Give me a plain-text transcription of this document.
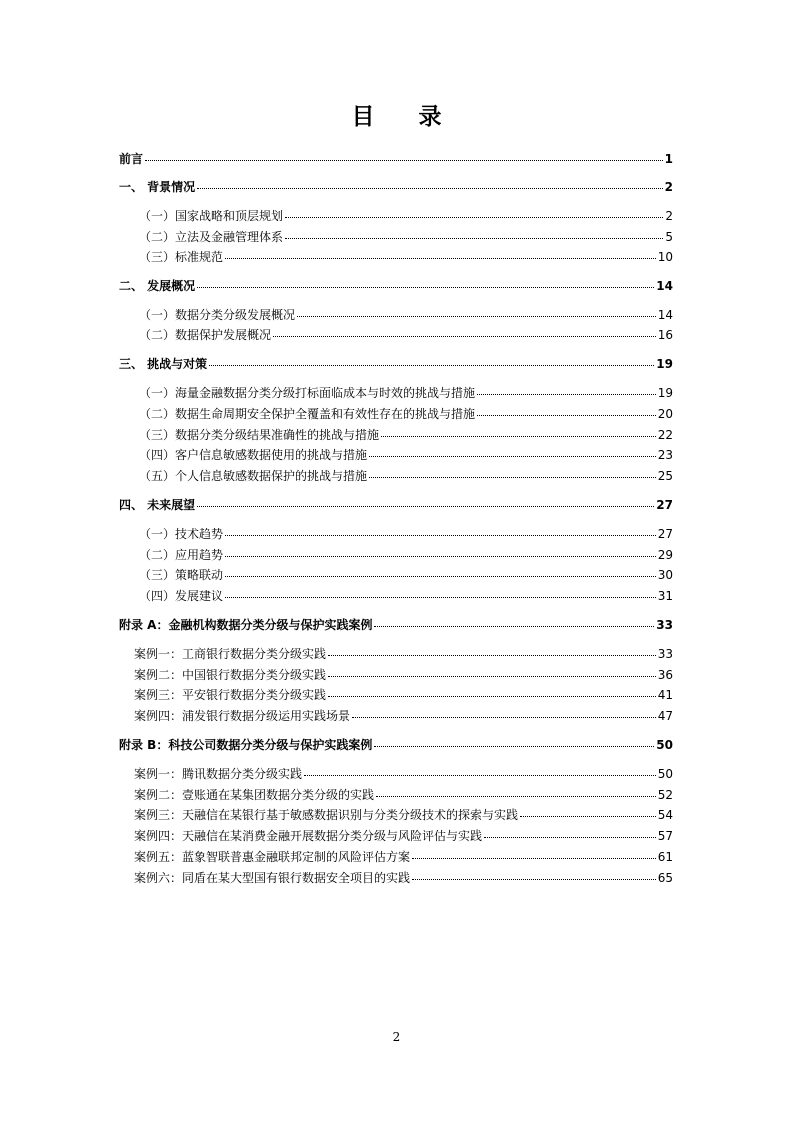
目 录
前言	1
一、 背景情况	2
（一）国家战略和顶层规划	2
（二）立法及金融管理体系	5
（三）标准规范	10
二、 发展概况	14
（一）数据分类分级发展概况	14
（二）数据保护发展概况	16
三、 挑战与对策	19
（一）海量金融数据分类分级打标面临成本与时效的挑战与措施	19
（二）数据生命周期安全保护全覆盖和有效性存在的挑战与措施	20
（三）数据分类分级结果准确性的挑战与措施	22
（四）客户信息敏感数据使用的挑战与措施	23
（五）个人信息敏感数据保护的挑战与措施	25
四、 未来展望	27
（一）技术趋势	27
（二）应用趋势	29
（三）策略联动	30
（四）发展建议	31
附录 A：金融机构数据分类分级与保护实践案例	33
案例一：工商银行数据分类分级实践	33
案例二：中国银行数据分类分级实践	36
案例三：平安银行数据分类分级实践	41
案例四：浦发银行数据分级运用实践场景	47
附录 B：科技公司数据分类分级与保护实践案例	50
案例一：腾讯数据分类分级实践	50
案例二：壹账通在某集团数据分类分级的实践	52
案例三：天融信在某银行基于敏感数据识别与分类分级技术的探索与实践	54
案例四：天融信在某消费金融开展数据分类分级与风险评估与实践	57
案例五：蓝象智联普惠金融联邦定制的风险评估方案	61
案例六：同盾在某大型国有银行数据安全项目的实践	65
2
